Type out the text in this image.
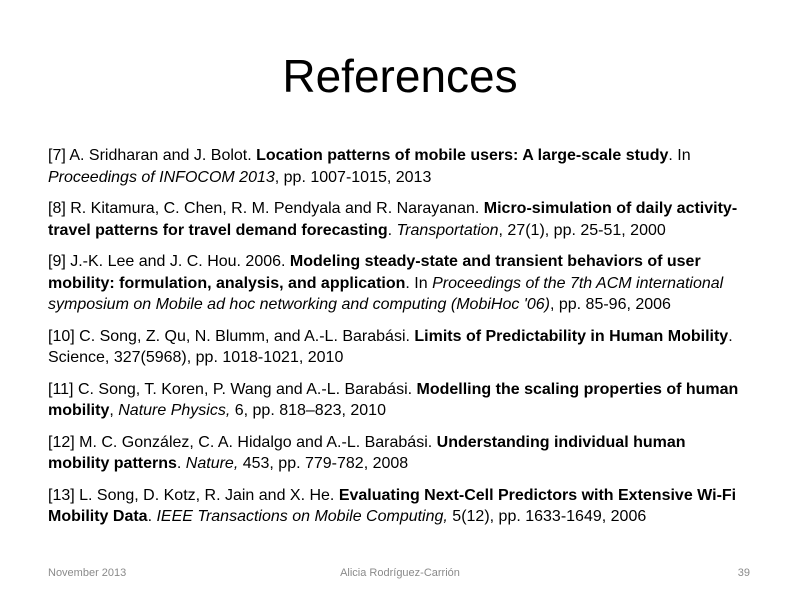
References
[7] A. Sridharan and J. Bolot. Location patterns of mobile users: A large-scale study. In Proceedings of INFOCOM 2013, pp. 1007-1015, 2013
[8] R. Kitamura, C. Chen, R. M. Pendyala and R. Narayanan. Micro-simulation of daily activity-travel patterns for travel demand forecasting. Transportation, 27(1), pp. 25-51, 2000
[9] J.-K. Lee and J. C. Hou. 2006. Modeling steady-state and transient behaviors of user mobility: formulation, analysis, and application. In Proceedings of the 7th ACM international symposium on Mobile ad hoc networking and computing (MobiHoc '06), pp. 85-96, 2006
[10] C. Song, Z. Qu, N. Blumm, and A.-L. Barabási. Limits of Predictability in Human Mobility. Science, 327(5968), pp. 1018-1021, 2010
[11] C. Song, T. Koren, P. Wang and A.-L. Barabási. Modelling the scaling properties of human mobility, Nature Physics, 6, pp. 818–823, 2010
[12] M. C. González, C. A. Hidalgo and A.-L. Barabási. Understanding individual human mobility patterns. Nature, 453, pp. 779-782, 2008
[13] L. Song, D. Kotz, R. Jain and X. He. Evaluating Next-Cell Predictors with Extensive Wi-Fi Mobility Data. IEEE Transactions on Mobile Computing, 5(12), pp. 1633-1649, 2006
November 2013	Alicia Rodríguez-Carrión	39
